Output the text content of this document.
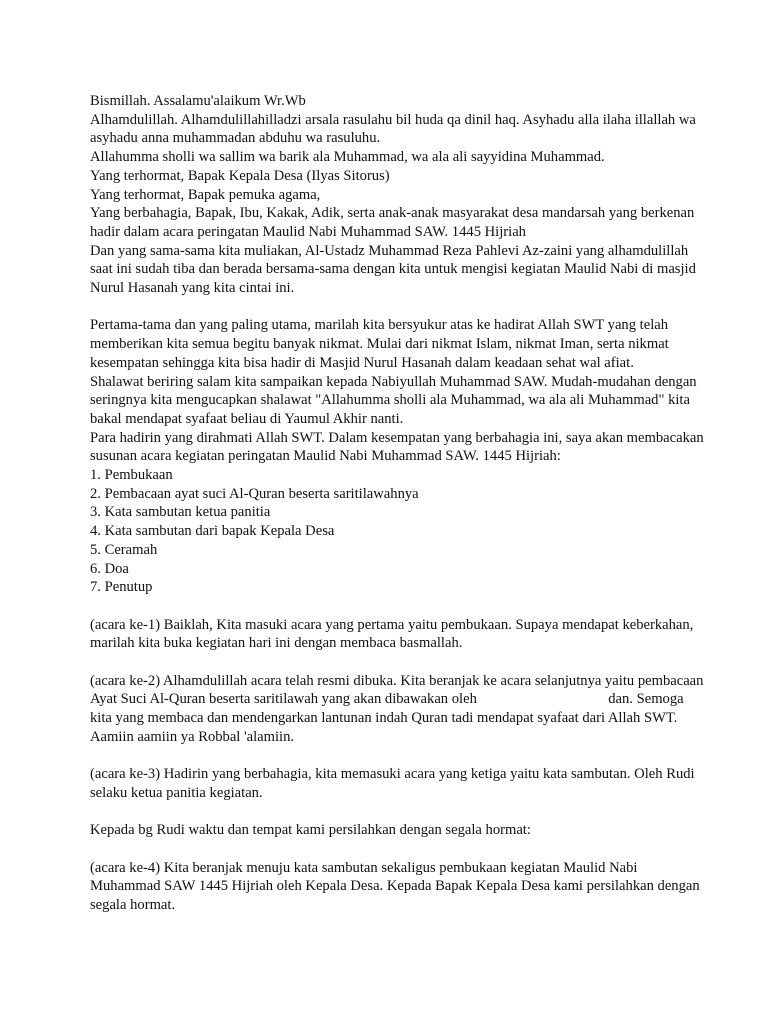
Bismillah. Assalamu'alaikum Wr.Wb

Alhamdulillah. Alhamdulillahilladzi arsala rasulahu bil huda qa dinil haq. Asyhadu alla ilaha illallah wa

asyhadu anna muhammadan abduhu wa rasuluhu.

Allahumma sholli wa sallim wa barik ala Muhammad, wa ala ali sayyidina Muhammad.

Yang terhormat, Bapak Kepala Desa (Ilyas Sitorus)

Yang terhormat, Bapak pemuka agama,

Yang berbahagia, Bapak, Ibu, Kakak, Adik, serta anak-anak masyarakat desa mandarsah yang berkenan

hadir dalam acara peringatan Maulid Nabi Muhammad SAW. 1445 Hijriah

Dan yang sama-sama kita muliakan, Al-Ustadz Muhammad Reza Pahlevi Az-zaini yang alhamdulillah

saat ini sudah tiba dan berada bersama-sama dengan kita untuk mengisi kegiatan Maulid Nabi di masjid

Nurul Hasanah yang kita cintai ini.

Pertama-tama dan yang paling utama, marilah kita bersyukur atas ke hadirat Allah SWT yang telah

memberikan kita semua begitu banyak nikmat. Mulai dari nikmat Islam, nikmat Iman, serta nikmat

kesempatan sehingga kita bisa hadir di Masjid Nurul Hasanah dalam keadaan sehat wal afiat.

Shalawat beriring salam kita sampaikan kepada Nabiyullah Muhammad SAW. Mudah-mudahan dengan

seringnya kita mengucapkan shalawat "Allahumma sholli ala Muhammad, wa ala ali Muhammad" kita

bakal mendapat syafaat beliau di Yaumul Akhir nanti.

Para hadirin yang dirahmati Allah SWT. Dalam kesempatan yang berbahagia ini, saya akan membacakan

susunan acara kegiatan peringatan Maulid Nabi Muhammad SAW. 1445 Hijriah:

1. Pembukaan

2. Pembacaan ayat suci Al-Quran beserta saritilawahnya

3. Kata sambutan ketua panitia

4. Kata sambutan dari bapak Kepala Desa

5. Ceramah

6. Doa

7. Penutup

(acara ke-1) Baiklah, Kita masuki acara yang pertama yaitu pembukaan. Supaya mendapat keberkahan,

marilah kita buka kegiatan hari ini dengan membaca basmallah.

(acara ke-2) Alhamdulillah acara telah resmi dibuka. Kita beranjak ke acara selanjutnya yaitu pembacaan

Ayat Suci Al-Quran beserta saritilawah yang akan dibawakan oleh                                    dan. Semoga

kita yang membaca dan mendengarkan lantunan indah Quran tadi mendapat syafaat dari Allah SWT.

Aamiin aamiin ya Robbal 'alamiin.

(acara ke-3) Hadirin yang berbahagia, kita memasuki acara yang ketiga yaitu kata sambutan. Oleh Rudi

selaku ketua panitia kegiatan.

Kepada bg Rudi waktu dan tempat kami persilahkan dengan segala hormat:

(acara ke-4) Kita beranjak menuju kata sambutan sekaligus pembukaan kegiatan Maulid Nabi

Muhammad SAW 1445 Hijriah oleh Kepala Desa. Kepada Bapak Kepala Desa kami persilahkan dengan

segala hormat.
